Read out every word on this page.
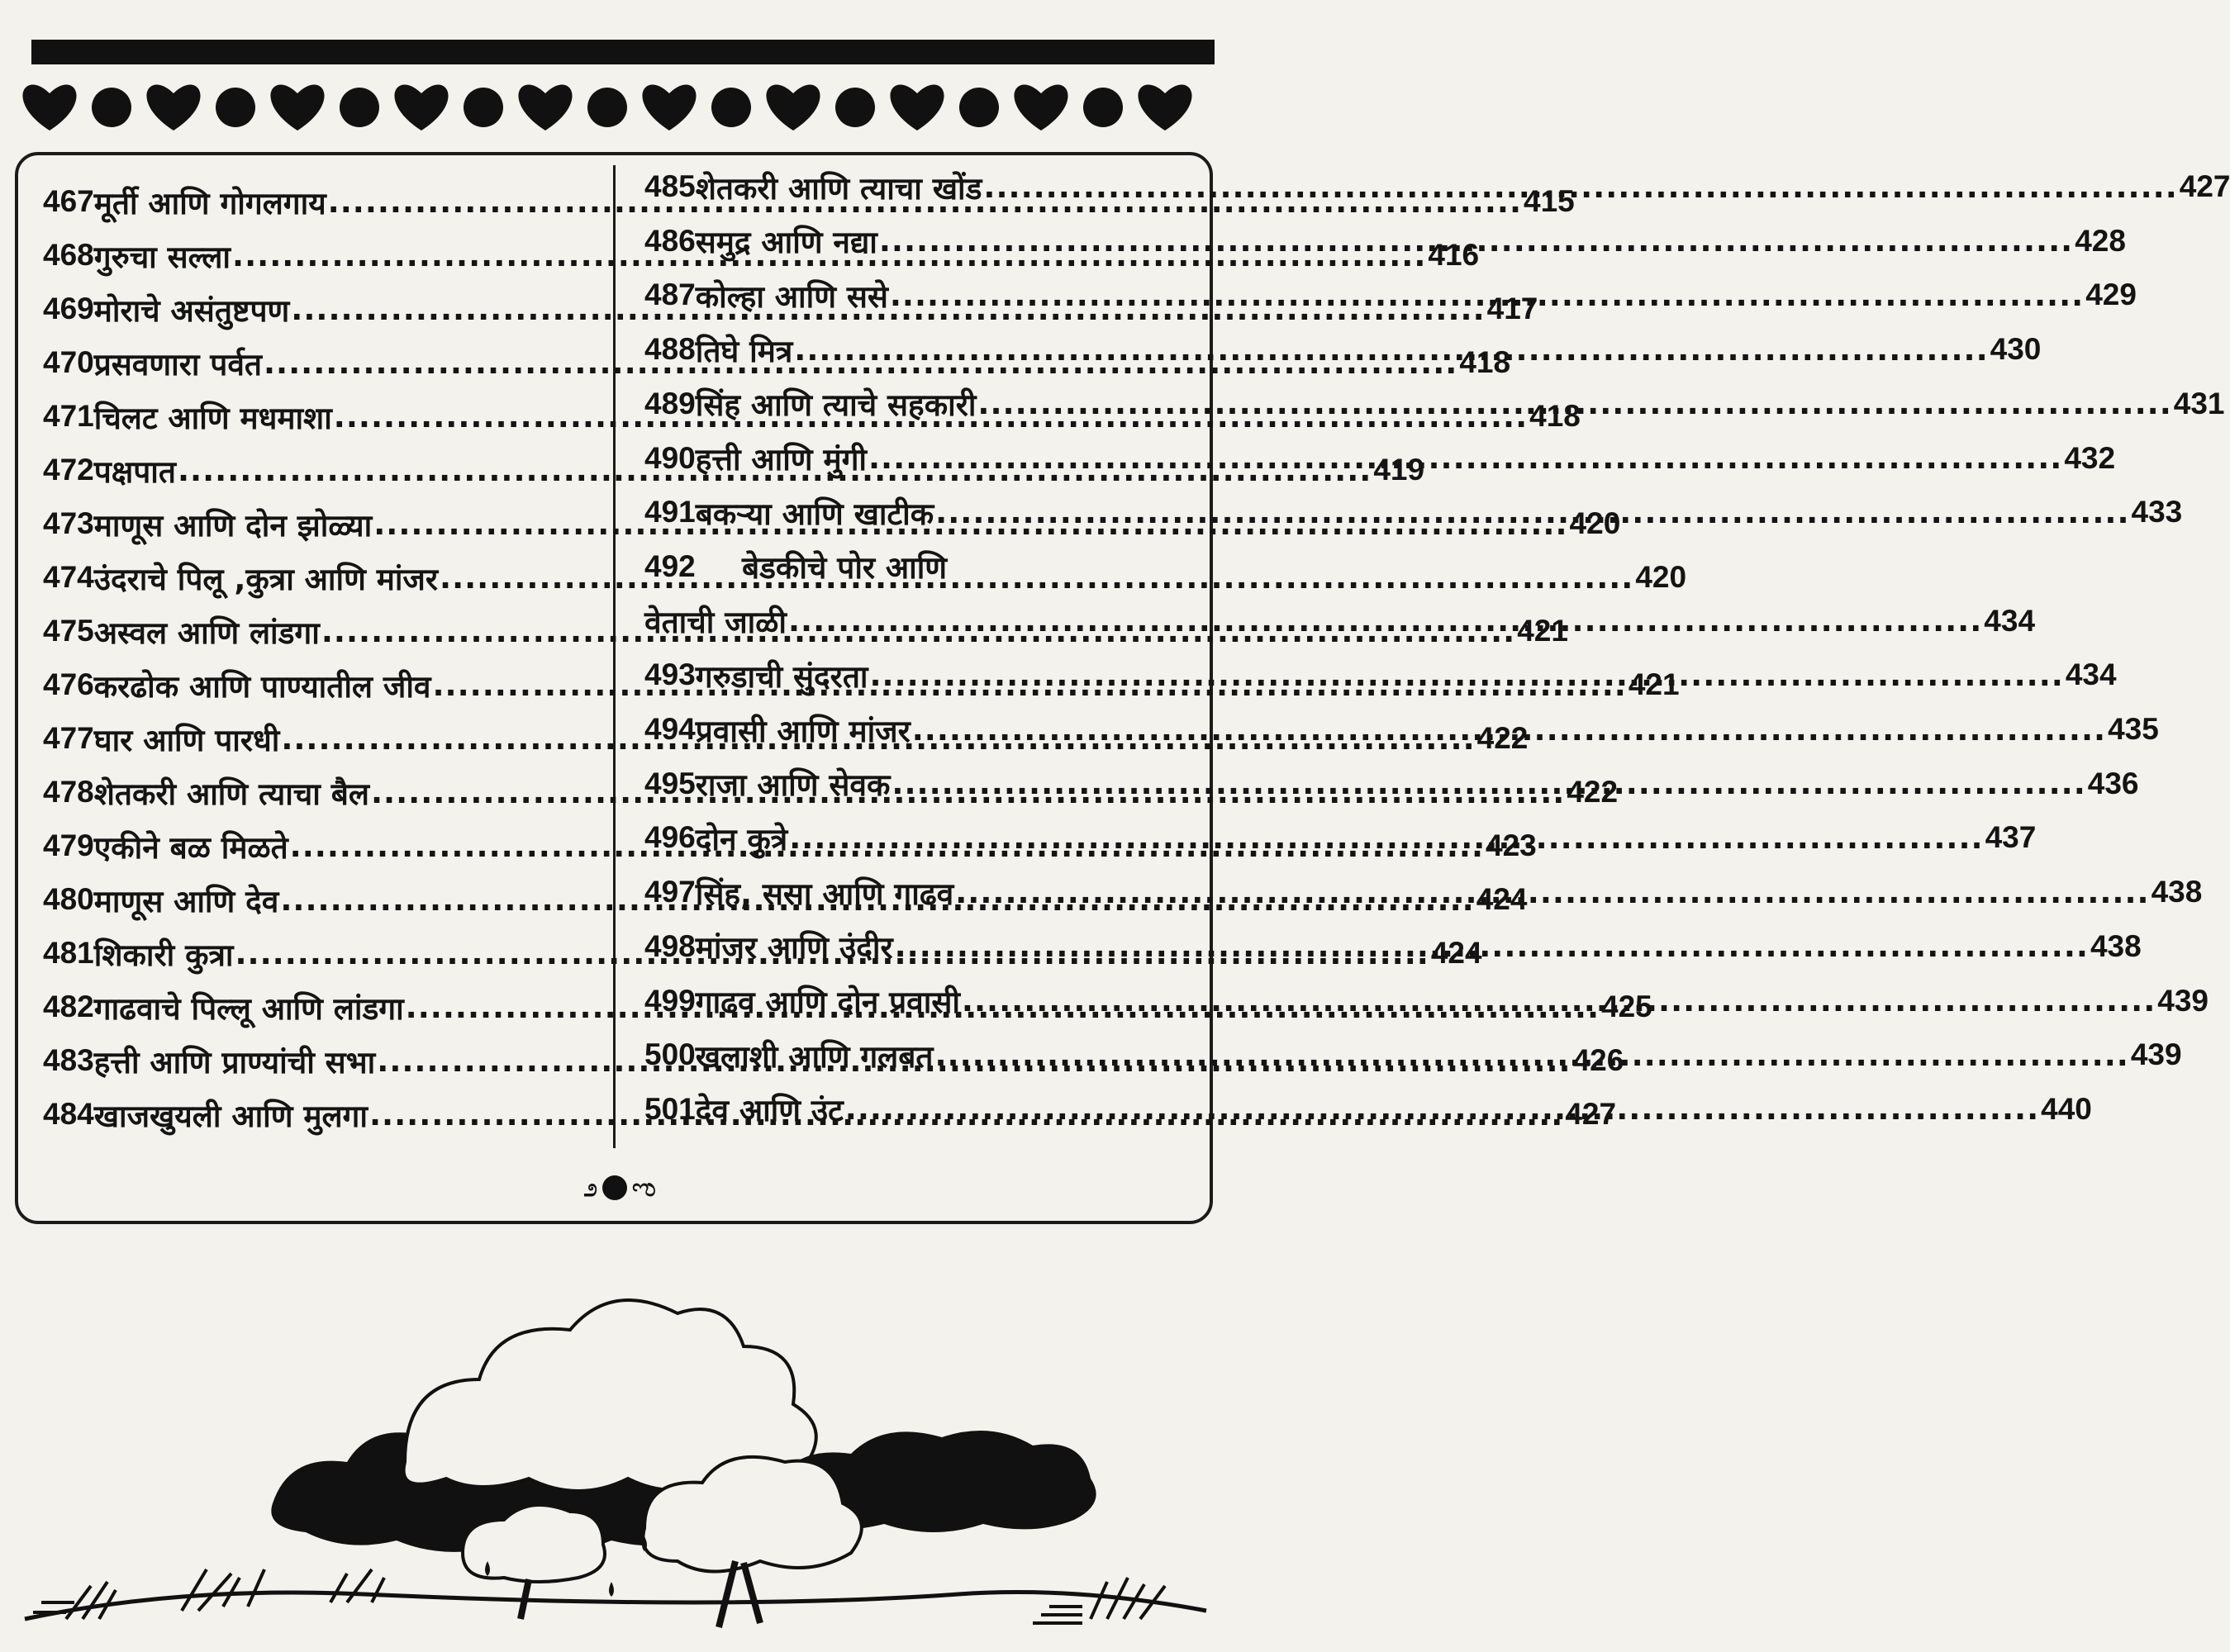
467 मूर्ती आणि गोगलगाय .....	415
468 गुरुचा सल्ला .....	416
469 मोराचे असंतुष्टपण .....	417
470 प्रसवणारा पर्वत .....	418
471 चिलट आणि मधमाशा .....	418
472 पक्षपात .....	419
473 माणूस आणि दोन झोळ्या .....	420
474 उंदराचे पिलू ,कुत्रा आणि मांजर .....	420
475 अस्वल आणि लांडगा .....	421
476 करढोक आणि पाण्यातील जीव .....	421
477 घार आणि पारधी .....	422
478 शेतकरी आणि त्याचा बैल .....	422
479 एकीने बळ मिळते .....	423
480 माणूस आणि देव .....	424
481 शिकारी कुत्रा .....	424
482 गाढवाचे पिल्लू आणि लांडगा .....	425
483 हत्ती आणि प्राण्यांची सभा .....	426
484 खाजखुयली आणि मुलगा .....	427
485 शेतकरी आणि त्याचा खोंड .....	427
486 समुद्र आणि नद्या .....	428
487 कोल्हा आणि ससे .....	429
488 तिघे मित्र .....	430
489 सिंह आणि त्याचे सहकारी .....	431
490 हत्ती आणि मुंगी .....	432
491 बकऱ्या आणि खाटीक .....	433
492	बेडकीचे पोर आणि
वेताची जाळी .....	434
493 गरुडाची सुंदरता .....	434
494 प्रवासी आणि मांजर .....	435
495 राजा आणि सेवक .....	436
496 दोन कुत्रे .....	437
497 सिंह, ससा आणि गाढव .....	438
498 मांजर आणि उंदीर .....	438
499 गाढव आणि दोन प्रवासी .....	439
500 खलाशी आणि गलबत .....	439
501 देव आणि उंट .....	440
೨ ಌ
